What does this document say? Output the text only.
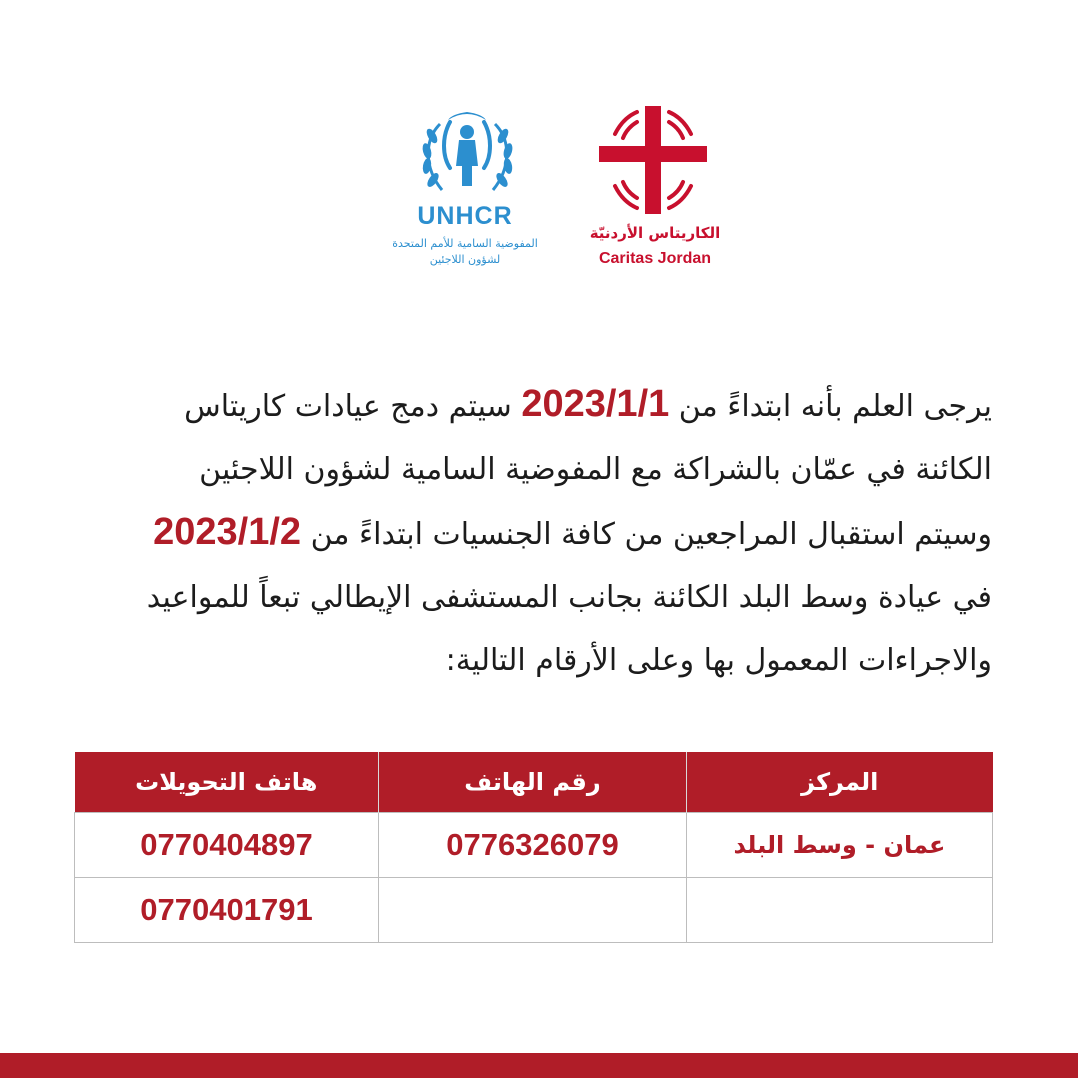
UNHCR
المفوضية السامية للأمم المتحدة
لشؤون اللاجئين
الكاريتاس الأردنيّة
Caritas Jordan

يرجى العلم بأنه ابتداءً من 2023/1/1 سيتم دمج عيادات كاريتاس
الكائنة في عمّان بالشراكة مع المفوضية السامية لشؤون اللاجئين
وسيتم استقبال المراجعين من كافة الجنسيات ابتداءً من 2023/1/2
في عيادة وسط البلد الكائنة بجانب المستشفى الإيطالي تبعاً للمواعيد
والاجراءات المعمول بها وعلى الأرقام التالية:

المركز	رقم الهاتف	هاتف التحويلات
عمان - وسط البلد	0776326079	0770404897
		0770401791
